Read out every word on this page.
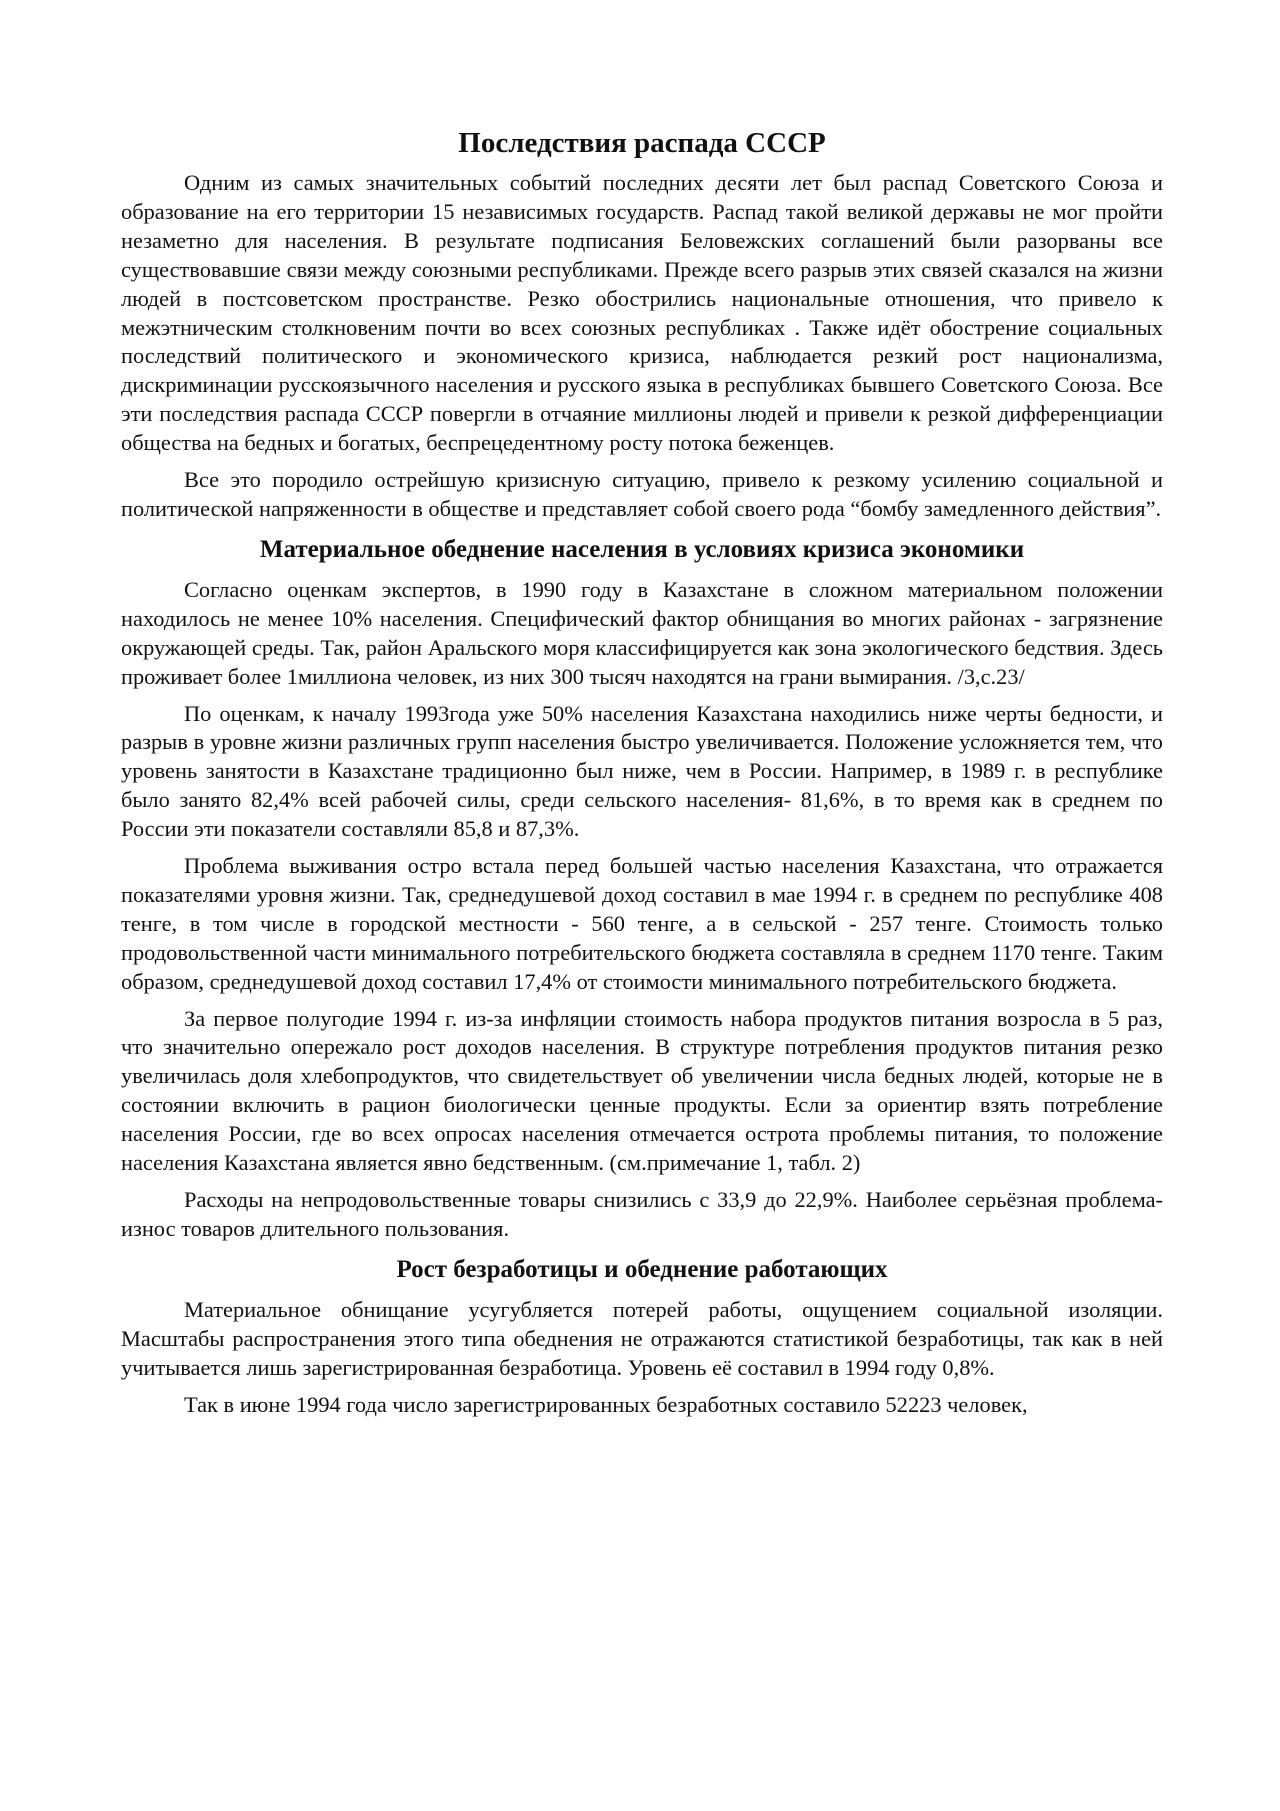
Последствия распада СССР

Одним из самых значительных событий последних десяти лет был распад Советского Союза и образование на его территории 15 независимых государств. Распад такой великой державы не мог пройти незаметно для населения. В результате подписания Беловежских соглашений были разорваны все существовавшие связи между союзными республиками. Прежде всего разрыв этих связей сказался на жизни людей в постсоветском пространстве. Резко обострились национальные отношения, что привело к межэтническим столкновеним почти во всех союзных республиках . Также идёт обострение социальных последствий политического и экономического кризиса, наблюдается резкий рост национализма, дискриминации русскоязычного населения и русского языка в республиках бывшего Советского Союза. Все эти последствия распада СССР повергли в отчаяние миллионы людей и привели к резкой дифференциации общества на бедных и богатых, беспрецедентному росту потока беженцев.

Все это породило острейшую кризисную ситуацию, привело к резкому усилению социальной и политической напряженности в обществе и представляет собой своего рода “бомбу замедленного действия”.

Материальное обеднение населения в условиях кризиса экономики

Согласно оценкам экспертов, в 1990 году в Казахстане в сложном материальном положении находилось не менее 10% населения. Специфический фактор обнищания во многих районах - загрязнение окружающей среды. Так, район Аральского моря классифицируется как зона экологического бедствия. Здесь проживает более 1миллиона человек, из них 300 тысяч находятся на грани вымирания. /3,с.23/

По оценкам, к началу 1993года уже 50% населения Казахстана находились ниже черты бедности, и разрыв в уровне жизни различных групп населения быстро увеличивается. Положение усложняется тем, что уровень занятости в Казахстане традиционно был ниже, чем в России. Например, в 1989 г. в республике было занято 82,4% всей рабочей силы, среди сельского населения- 81,6%, в то время как в среднем по России эти показатели составляли 85,8 и 87,3%.

Проблема выживания остро встала перед большей частью населения Казахстана, что отражается показателями уровня жизни. Так, среднедушевой доход составил в мае 1994 г. в среднем по республике 408 тенге, в том числе в городской местности - 560 тенге, а в сельской - 257 тенге. Стоимость только продовольственной части минимального потребительского бюджета составляла в среднем 1170 тенге. Таким образом, среднедушевой доход составил 17,4% от стоимости минимального потребительского бюджета.

За первое полугодие 1994 г. из-за инфляции стоимость набора продуктов питания возросла в 5 раз, что значительно опережало рост доходов населения. В структуре потребления продуктов питания резко увеличилась доля хлебопродуктов, что свидетельствует об увеличении числа бедных людей, которые не в состоянии включить в рацион биологически ценные продукты. Если за ориентир взять потребление населения России, где во всех опросах населения отмечается острота проблемы питания, то положение населения Казахстана является явно бедственным. (см.примечание 1, табл. 2)

Расходы на непродовольственные товары снизились с 33,9 до 22,9%. Наиболее серьёзная проблема- износ товаров длительного пользования.

Рост безработицы и обеднение работающих

Материальное обнищание усугубляется потерей работы, ощущением социальной изоляции. Масштабы распространения этого типа обеднения не отражаются статистикой безработицы, так как в ней учитывается лишь зарегистрированная безработица. Уровень её составил в 1994 году 0,8%.

Так в июне 1994 года число зарегистрированных безработных составило 52223 человек,
